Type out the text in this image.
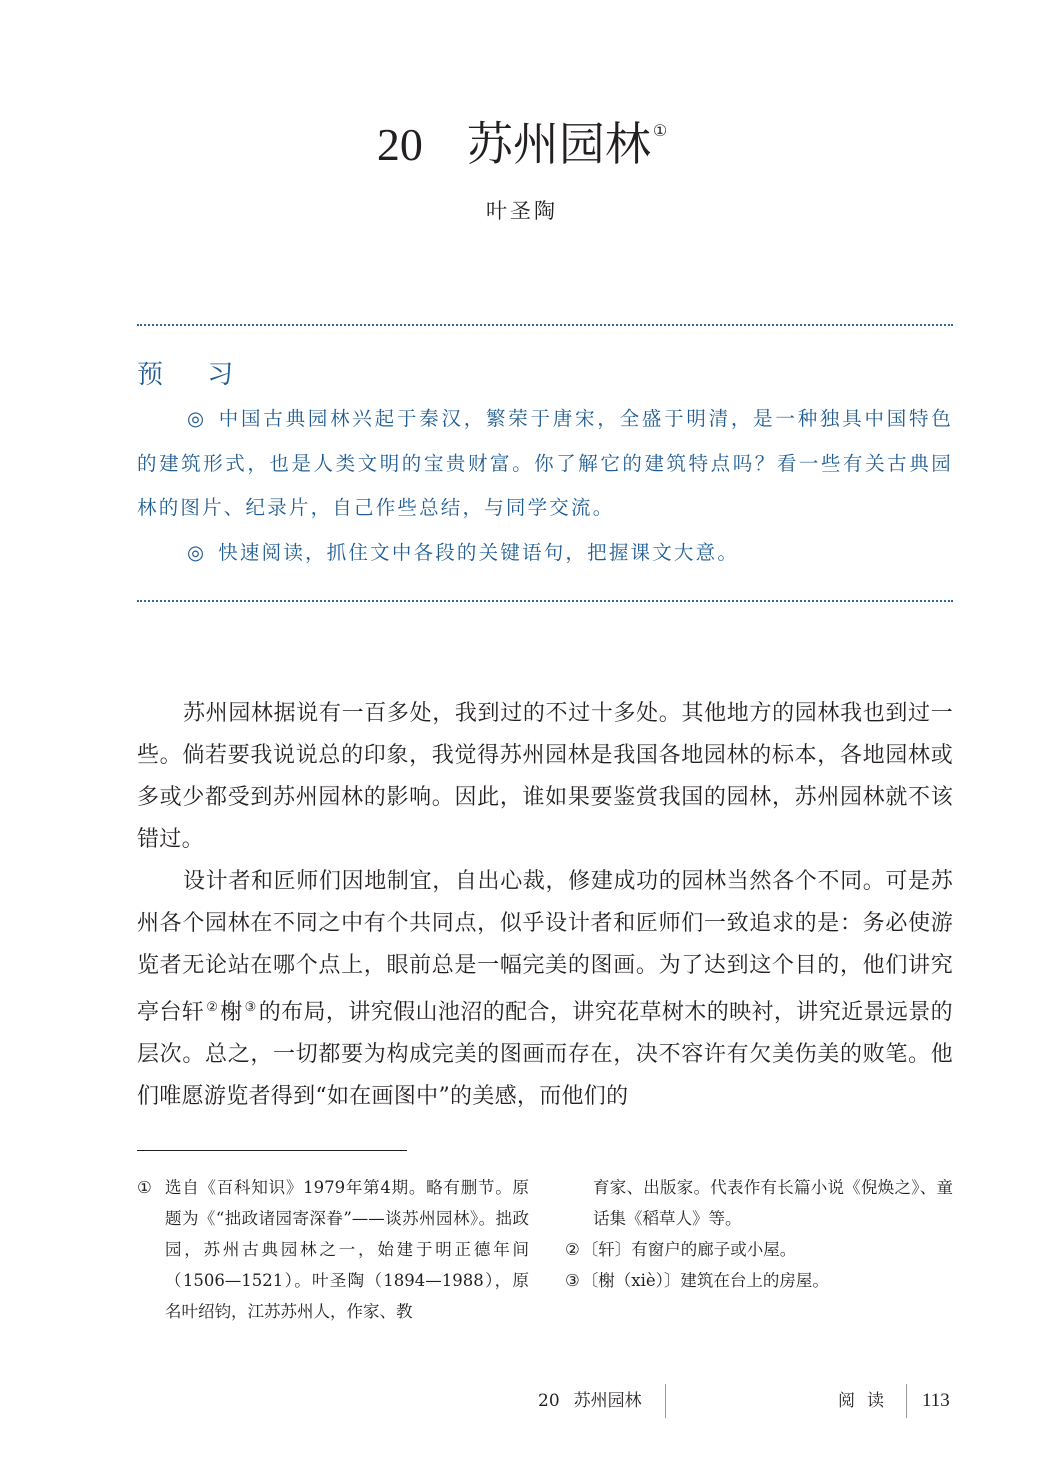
20 苏州园林 ①
叶圣陶

预 习

◎ 中国古典园林兴起于秦汉，繁荣于唐宋，全盛于明清，是一种独具中国特色的建筑形式，也是人类文明的宝贵财富。你了解它的建筑特点吗？看一些有关古典园林的图片、纪录片，自己作些总结，与同学交流。

◎ 快速阅读，抓住文中各段的关键语句，把握课文大意。

苏州园林据说有一百多处，我到过的不过十多处。其他地方的园林我也到过一些。倘若要我说说总的印象，我觉得苏州园林是我国各地园林的标本，各地园林或多或少都受到苏州园林的影响。因此，谁如果要鉴赏我国的园林，苏州园林就不该错过。

设计者和匠师们因地制宜，自出心裁，修建成功的园林当然各个不同。可是苏州各个园林在不同之中有个共同点，似乎设计者和匠师们一致追求的是：务必使游览者无论站在哪个点上，眼前总是一幅完美的图画。为了达到这个目的，他们讲究亭台轩 ②榭 ③的布局，讲究假山池沼的配合，讲究花草树木的映衬，讲究近景远景的层次。总之，一切都要为构成完美的图画而存在，决不容许有欠美伤美的败笔。他们唯愿游览者得到“如在画图中”的美感，而他们的

① 选自《百科知识》1979年第4期。略有删节。原题为《“拙政诸园寄深眷”——谈苏州园林》。拙政园，苏州古典园林之一，始建于明正德年间（1506—1521）。叶圣陶（1894—1988），原名叶绍钧，江苏苏州人，作家、教

育家、出版家。代表作有长篇小说《倪焕之》、童话集《稻草人》等。

② 〔轩〕有窗户的廊子或小屋。

③ 〔榭（xiè）〕建筑在台上的房屋。

20 苏州园林	阅读 113
